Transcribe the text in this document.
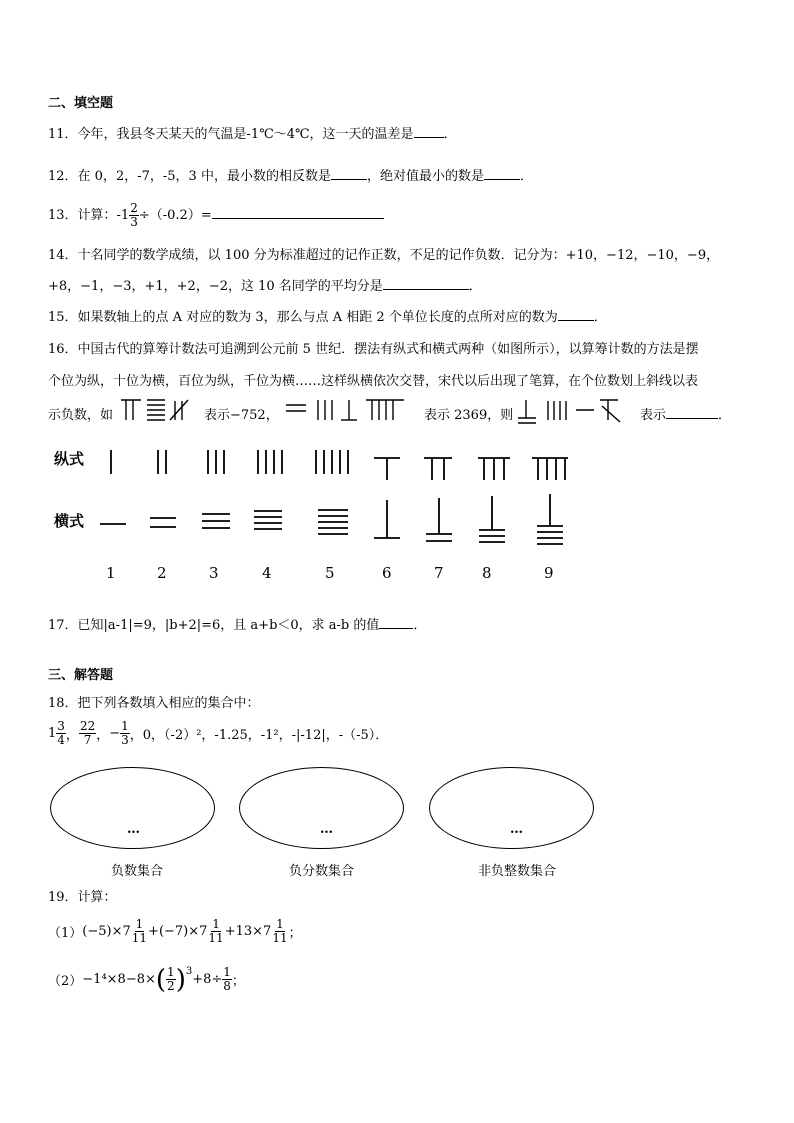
二、填空题
11．今年，我县冬天某天的气温是-1℃～4℃，这一天的温差是 ．
12．在 0，2，-7，-5，3 中，最小数的相反数是	，绝对值最小的数是	．
13．计算：$-1 \frac{2}{3} \div(-0.2)=$
14．十名同学的数学成绩，以 100 分为标准超过的记作正数，不足的记作负数．记分为：+10，−12，−10，−9，
+8，−1，−3，+1，+2，−2，这 10 名同学的平均分是	．
15．如果数轴上的点 A 对应的数为 3，那么与点 A 相距 2 个单位长度的点所对应的数为	．
16．中国古代的算筹计数法可追溯到公元前 5 世纪．摆法有纵式和横式两种（如图所示），以算筹计数的方法是摆
个位为纵，十位为横，百位为纵，千位为横……这样纵横依次交替，宋代以后出现了笔算，在个位数划上斜线以表
示负数，如	表示−752，	表示 2369，则	表示	．
纵式
横式
1	2	3	4	5	6	7	8	9
17．已知|a-1|=9，|b+2|=6，且 a+b＜0，求 a-b 的值	．
三、解答题
18．把下列各数填入相应的集合中：
$1 \frac{3}{4}$ ， $\frac{22}{7}$ ， − $\frac{1}{3}$ ，0，（-2）²，-1.25，-1²，-|-12|，-（-5）．
…
负数集合
…
负分数集合
…
非负整数集合
19．计算：
（1） $(-5)\times 7 \frac{1}{11} +(-7)\times 7 \frac{1}{11} +13\times 7 \frac{1}{11}$ ；
（2） −1⁴×8−8× ( $\frac{1}{2} )^3$
$+8\div \frac{1}{8}$ ；
